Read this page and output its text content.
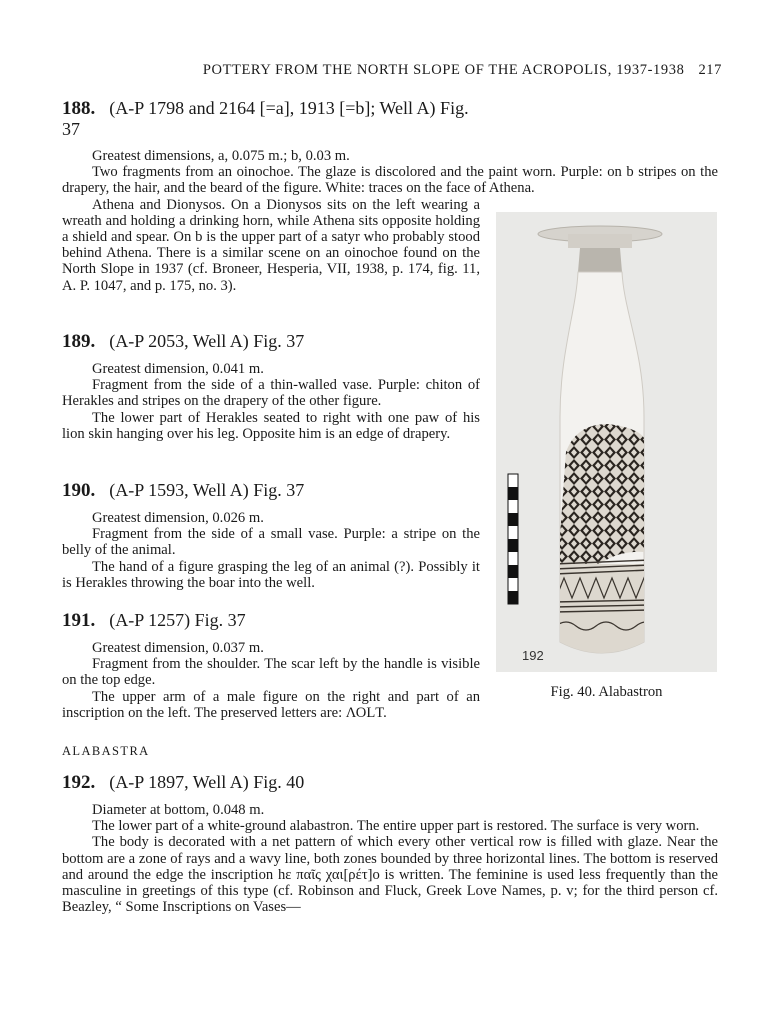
POTTERY FROM THE NORTH SLOPE OF THE ACROPOLIS, 1937-1938 217
188. (A-P 1798 and 2164 [=a], 1913 [=b]; Well A) Fig. 37

Greatest dimensions, a, 0.075 m.; b, 0.03 m.

Two fragments from an oinochoe. The glaze is discolored and the paint worn. Purple: on b stripes on the drapery, the hair, and the beard of the figure. White: traces on the face of Athena.

Athena and Dionysos. On a Dionysos sits on the left wearing a wreath and holding a drinking horn, while Athena sits opposite holding a shield and spear. On b is the upper part of a satyr who probably stood behind Athena. There is a similar scene on an oinochoe found on the North Slope in 1937 (cf. Broneer, Hesperia, VII, 1938, p. 174, fig. 11, A. P. 1047, and p. 175, no. 3).

189. (A-P 2053, Well A) Fig. 37

Greatest dimension, 0.041 m.

Fragment from the side of a thin-walled vase. Purple: chiton of Herakles and stripes on the drapery of the other figure.

The lower part of Herakles seated to right with one paw of his lion skin hanging over his leg. Opposite him is an edge of drapery.

190. (A-P 1593, Well A) Fig. 37

Greatest dimension, 0.026 m.

Fragment from the side of a small vase. Purple: a stripe on the belly of the animal.

The hand of a figure grasping the leg of an animal (?). Possibly it is Herakles throwing the boar into the well.

191. (A-P 1257) Fig. 37

Greatest dimension, 0.037 m.

Fragment from the shoulder. The scar left by the handle is visible on the top edge.

The upper arm of a male figure on the right and part of an inscription on the left. The preserved letters are: ΛΟLΤ.

192
Fig. 40. Alabastron
ALABASTRA
192. (A-P 1897, Well A) Fig. 40

Diameter at bottom, 0.048 m.

The lower part of a white-ground alabastron. The entire upper part is restored. The surface is very worn.

The body is decorated with a net pattern of which every other vertical row is filled with glaze. Near the bottom are a zone of rays and a wavy line, both zones bounded by three horizontal lines. The bottom is reserved and around the edge the inscription hε παῖς χαι[ρέτ]ο is written. The feminine is used less frequently than the masculine in greetings of this type (cf. Robinson and Fluck, Greek Love Names, p. v; for the third person cf. Beazley, “ Some Inscriptions on Vases—
